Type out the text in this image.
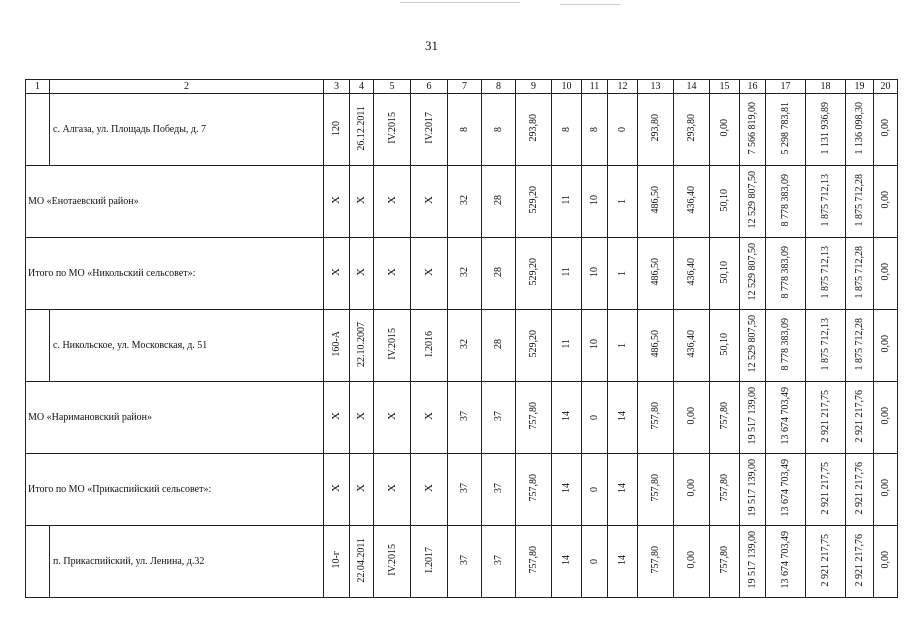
31
1	2	3	4	5	6	7	8	9	10	11	12	13	14	15	16	17	18	19	20
	с. Алгаза, ул. Площадь Победы, д. 7	120	26.12.2011	IV.2015	IV.2017	8	8	293,80	8	8	0	293,80	293,80	0,00	7 566 819,00	5 298 783,81	1 131 936,89	1 136 098,30	0,00
МО «Енотаевский район»		X	X	X	X	32	28	529,20	11	10	1	486,50	436,40	50,10	12 529 807,50	8 778 383,09	1 875 712,13	1 875 712,28	0,00
Итого по МО «Никольский сельсовет»:		X	X	X	X	32	28	529,20	11	10	1	486,50	436,40	50,10	12 529 807,50	8 778 383,09	1 875 712,13	1 875 712,28	0,00
	с. Никольское, ул. Московская, д. 51	160-А	22.10.2007	IV.2015	I.2016	32	28	529,20	11	10	1	486,50	436,40	50,10	12 529 807,50	8 778 383,09	1 875 712,13	1 875 712,28	0,00
МО «Наримановский район»		X	X	X	X	37	37	757,80	14	0	14	757,80	0,00	757,80	19 517 139,00	13 674 703,49	2 921 217,75	2 921 217,76	0,00
Итого по МО «Прикаспийский сельсовет»:		X	X	X	X	37	37	757,80	14	0	14	757,80	0,00	757,80	19 517 139,00	13 674 703,49	2 921 217,75	2 921 217,76	0,00
	п. Прикаспийский, ул. Ленина, д.32	10-г	22.04.2011	IV.2015	I.2017	37	37	757,80	14	0	14	757,80	0,00	757,80	19 517 139,00	13 674 703,49	2 921 217,75	2 921 217,76	0,00
